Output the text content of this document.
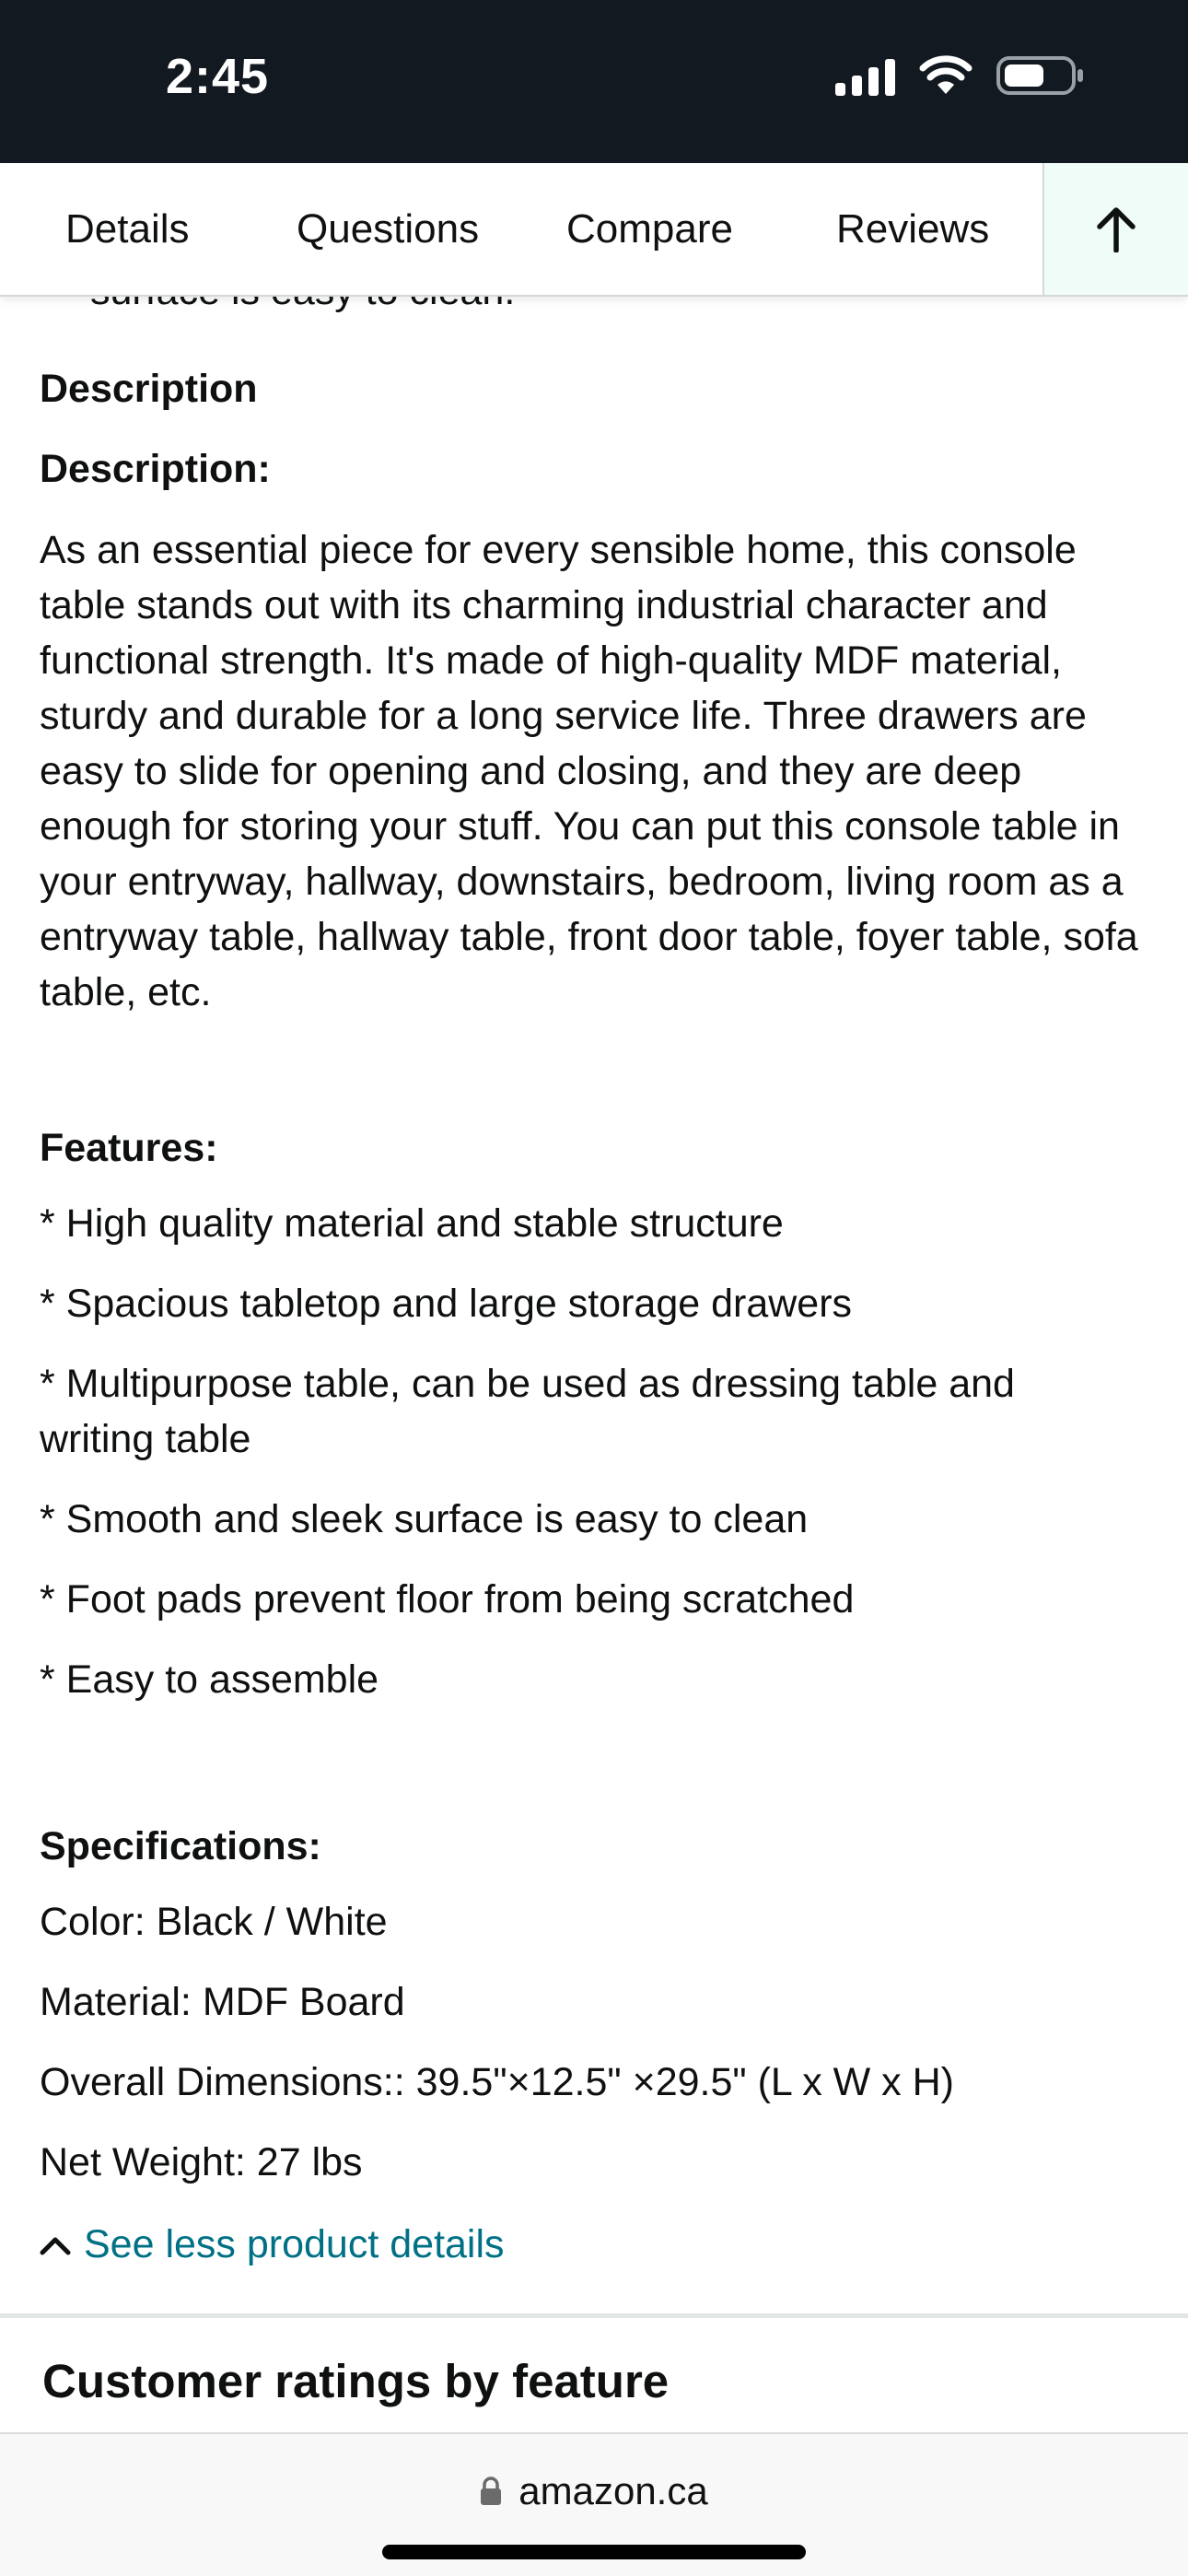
2:45
Details	Questions Compare	Reviews
Description
Description:
As an essential piece for every sensible home, this console table stands out with its charming industrial character and functional strength. It's made of high-quality MDF material, sturdy and durable for a long service life. Three drawers are easy to slide for opening and closing, and they are deep enough for storing your stuff. You can put this console table in your entryway, hallway, downstairs, bedroom, living room as a entryway table, hallway table, front door table, foyer table, sofa table, etc.
Features:
* High quality material and stable structure
* Spacious tabletop and large storage drawers
* Multipurpose table, can be used as dressing table and writing table
* Smooth and sleek surface is easy to clean
* Foot pads prevent floor from being scratched
* Easy to assemble
Specifications:
Color: Black / White
Material: MDF Board
Overall Dimensions:: 39.5"×12.5" ×29.5" (L x W x H)
Net Weight: 27 lbs
See less product details
Customer ratings by feature
amazon.ca
